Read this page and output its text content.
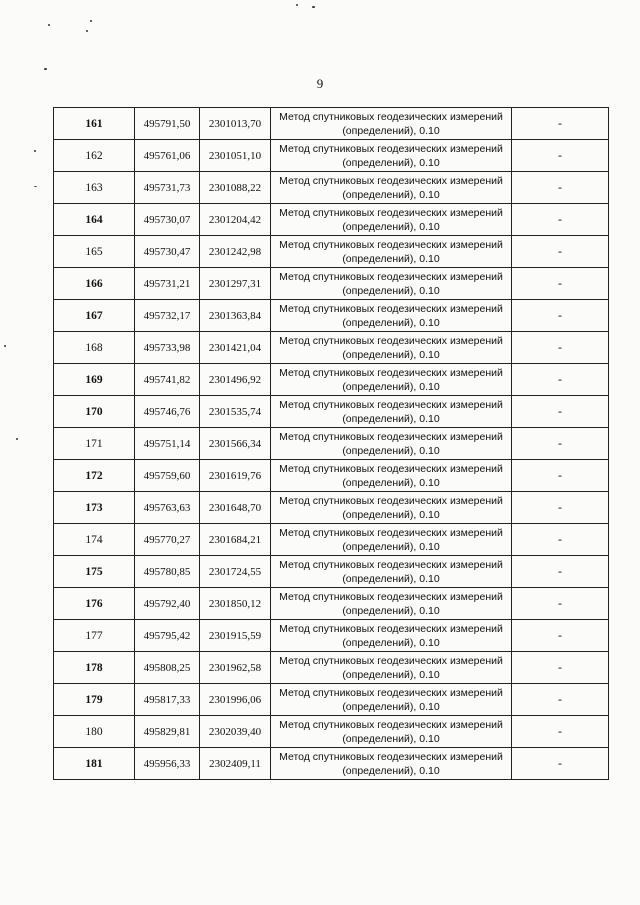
9
161	495791,50	2301013,70	Метод спутниковых геодезических измерений
(определений), 0.10	-
162	495761,06	2301051,10	Метод спутниковых геодезических измерений
(определений), 0.10	-
163	495731,73	2301088,22	Метод спутниковых геодезических измерений
(определений), 0.10	-
164	495730,07	2301204,42	Метод спутниковых геодезических измерений
(определений), 0.10	-
165	495730,47	2301242,98	Метод спутниковых геодезических измерений
(определений), 0.10	-
166	495731,21	2301297,31	Метод спутниковых геодезических измерений
(определений), 0.10	-
167	495732,17	2301363,84	Метод спутниковых геодезических измерений
(определений), 0.10	-
168	495733,98	2301421,04	Метод спутниковых геодезических измерений
(определений), 0.10	-
169	495741,82	2301496,92	Метод спутниковых геодезических измерений
(определений), 0.10	-
170	495746,76	2301535,74	Метод спутниковых геодезических измерений
(определений), 0.10	-
171	495751,14	2301566,34	Метод спутниковых геодезических измерений
(определений), 0.10	-
172	495759,60	2301619,76	Метод спутниковых геодезических измерений
(определений), 0.10	-
173	495763,63	2301648,70	Метод спутниковых геодезических измерений
(определений), 0.10	-
174	495770,27	2301684,21	Метод спутниковых геодезических измерений
(определений), 0.10	-
175	495780,85	2301724,55	Метод спутниковых геодезических измерений
(определений), 0.10	-
176	495792,40	2301850,12	Метод спутниковых геодезических измерений
(определений), 0.10	-
177	495795,42	2301915,59	Метод спутниковых геодезических измерений
(определений), 0.10	-
178	495808,25	2301962,58	Метод спутниковых геодезических измерений
(определений), 0.10	-
179	495817,33	2301996,06	Метод спутниковых геодезических измерений
(определений), 0.10	-
180	495829,81	2302039,40	Метод спутниковых геодезических измерений
(определений), 0.10	-
181	495956,33	2302409,11	Метод спутниковых геодезических измерений
(определений), 0.10	-
